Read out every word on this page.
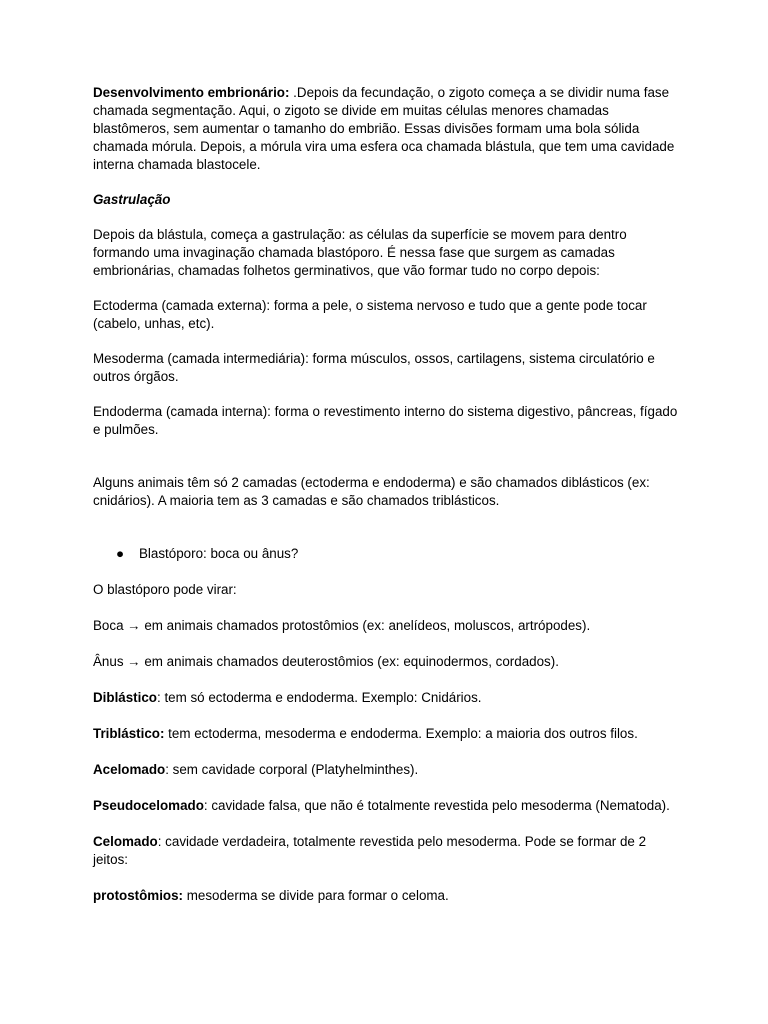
Desenvolvimento embrionário: .Depois da fecundação, o zigoto começa a se dividir numa fase chamada segmentação. Aqui, o zigoto se divide em muitas células menores chamadas blastômeros, sem aumentar o tamanho do embrião. Essas divisões formam uma bola sólida chamada mórula. Depois, a mórula vira uma esfera oca chamada blástula, que tem uma cavidade interna chamada blastocele.

Gastrulação

Depois da blástula, começa a gastrulação: as células da superfície se movem para dentro formando uma invaginação chamada blastóporo. É nessa fase que surgem as camadas embrionárias, chamadas folhetos germinativos, que vão formar tudo no corpo depois:

Ectoderma (camada externa): forma a pele, o sistema nervoso e tudo que a gente pode tocar (cabelo, unhas, etc).

Mesoderma (camada intermediária): forma músculos, ossos, cartilagens, sistema circulatório e outros órgãos.

Endoderma (camada interna): forma o revestimento interno do sistema digestivo, pâncreas, fígado e pulmões.

Alguns animais têm só 2 camadas (ectoderma e endoderma) e são chamados diblásticos (ex: cnidários). A maioria tem as 3 camadas e são chamados triblásticos.

● Blastóporo: boca ou ânus?

O blastóporo pode virar:

Boca → em animais chamados protostômios (ex: anelídeos, moluscos, artrópodes).

Ânus → em animais chamados deuterostômios (ex: equinodermos, cordados).

Diblástico: tem só ectoderma e endoderma. Exemplo: Cnidários.

Triblástico: tem ectoderma, mesoderma e endoderma. Exemplo: a maioria dos outros filos.

Acelomado: sem cavidade corporal (Platyhelminthes).

Pseudocelomado: cavidade falsa, que não é totalmente revestida pelo mesoderma (Nematoda).

Celomado: cavidade verdadeira, totalmente revestida pelo mesoderma. Pode se formar de 2 jeitos:

protostômios: mesoderma se divide para formar o celoma.
